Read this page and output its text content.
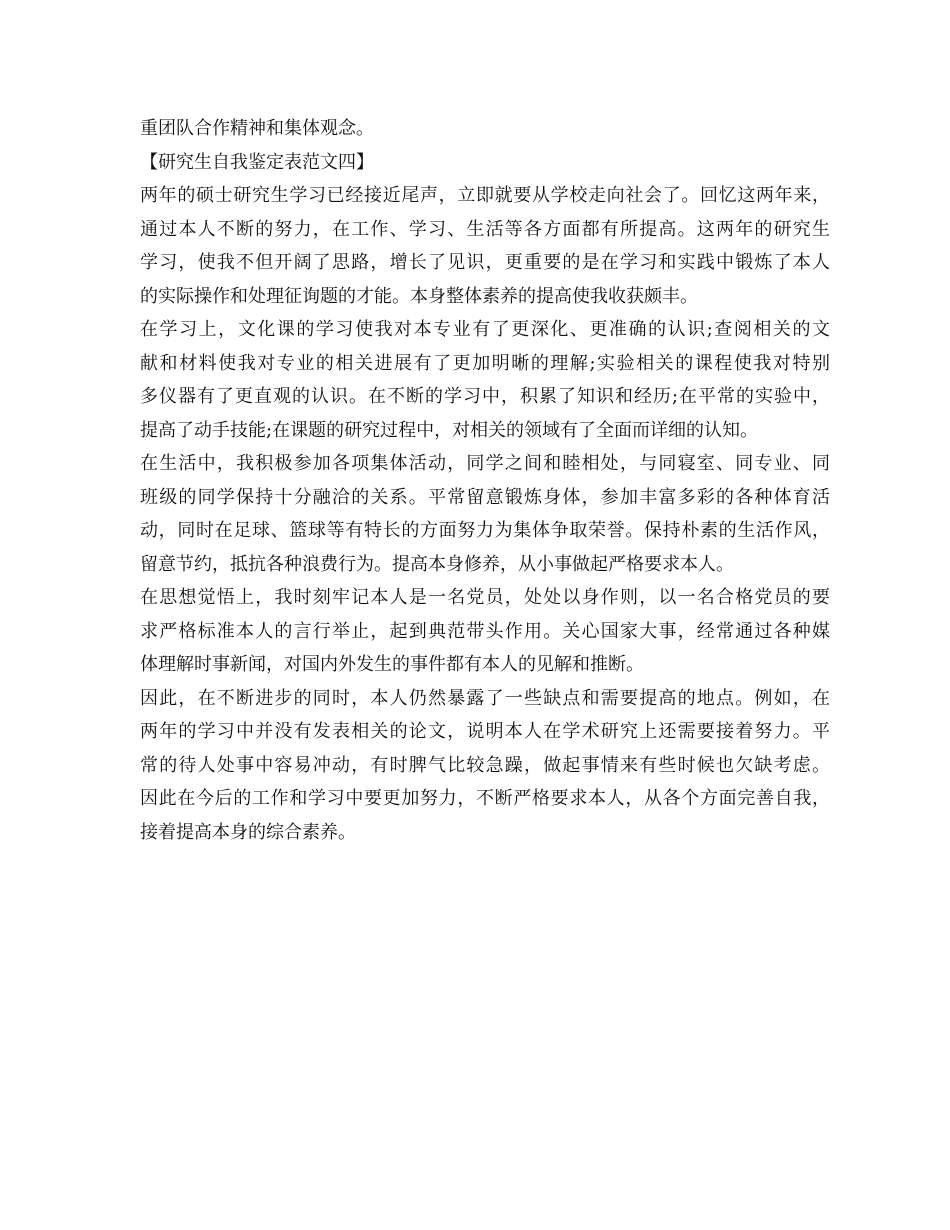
重团队合作精神和集体观念。
【研究生自我鉴定表范文四】
两年的硕士研究生学习已经接近尾声，立即就要从学校走向社会了。回忆这两年来，
通过本人不断的努力，在工作、学习、生活等各方面都有所提高。这两年的研究生
学习，使我不但开阔了思路，增长了见识，更重要的是在学习和实践中锻炼了本人
的实际操作和处理征询题的才能。本身整体素养的提高使我收获颇丰。
在学习上，文化课的学习使我对本专业有了更深化、更准确的认识;查阅相关的文
献和材料使我对专业的相关进展有了更加明晰的理解;实验相关的课程使我对特别
多仪器有了更直观的认识。在不断的学习中，积累了知识和经历;在平常的实验中，
提高了动手技能;在课题的研究过程中，对相关的领域有了全面而详细的认知。
在生活中，我积极参加各项集体活动，同学之间和睦相处，与同寝室、同专业、同
班级的同学保持十分融洽的关系。平常留意锻炼身体，参加丰富多彩的各种体育活
动，同时在足球、篮球等有特长的方面努力为集体争取荣誉。保持朴素的生活作风，
留意节约，抵抗各种浪费行为。提高本身修养，从小事做起严格要求本人。
在思想觉悟上，我时刻牢记本人是一名党员，处处以身作则，以一名合格党员的要
求严格标准本人的言行举止，起到典范带头作用。关心国家大事，经常通过各种媒
体理解时事新闻，对国内外发生的事件都有本人的见解和推断。
因此，在不断进步的同时，本人仍然暴露了一些缺点和需要提高的地点。例如，在
两年的学习中并没有发表相关的论文，说明本人在学术研究上还需要接着努力。平
常的待人处事中容易冲动，有时脾气比较急躁，做起事情来有些时候也欠缺考虑。
因此在今后的工作和学习中要更加努力，不断严格要求本人，从各个方面完善自我，
接着提高本身的综合素养。
